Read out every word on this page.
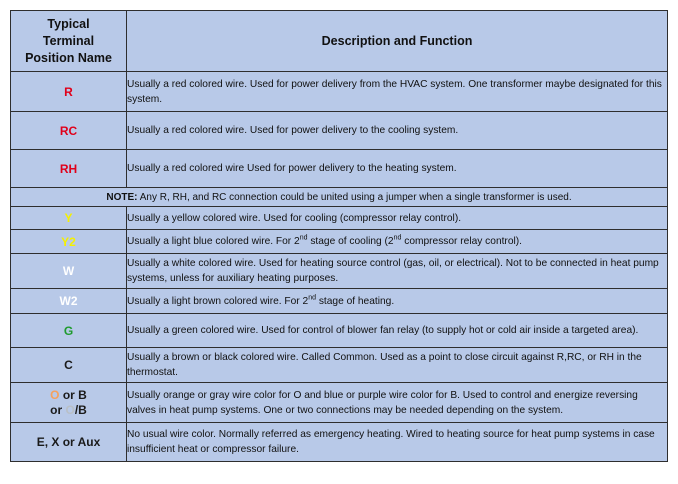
Typical
Terminal
Position Name	Description and Function
R	Usually a red colored wire. Used for power delivery from the HVAC system. One transformer maybe designated for this system.
RC	Usually a red colored wire. Used for power delivery to the cooling system.
RH	Usually a red colored wire Used for power delivery to the heating system.
NOTE: Any R, RH, and RC connection could be united using a jumper when a single transformer is used.	
Y	Usually a yellow colored wire. Used for cooling (compressor relay control).
Y2	Usually a light blue colored wire. For 2nd stage of cooling (2nd compressor relay control).
W	Usually a white colored wire. Used for heating source control (gas, oil, or electrical). Not to be connected in heat pump systems, unless for auxiliary heating purposes.
W2	Usually a light brown colored wire. For 2nd stage of heating.
G	Usually a green colored wire. Used for control of blower fan relay (to supply hot or cold air inside a targeted area).
C	Usually a brown or black colored wire. Called Common. Used as a point to close circuit against R,RC, or RH in the thermostat.
O or B
or O/B	Usually orange or gray wire color for O and blue or purple wire color for B. Used to control and energize reversing valves in heat pump systems. One or two connections may be needed depending on the system.
E, X or Aux	No usual wire color. Normally referred as emergency heating. Wired to heating source for heat pump systems in case insufficient heat or compressor failure.
